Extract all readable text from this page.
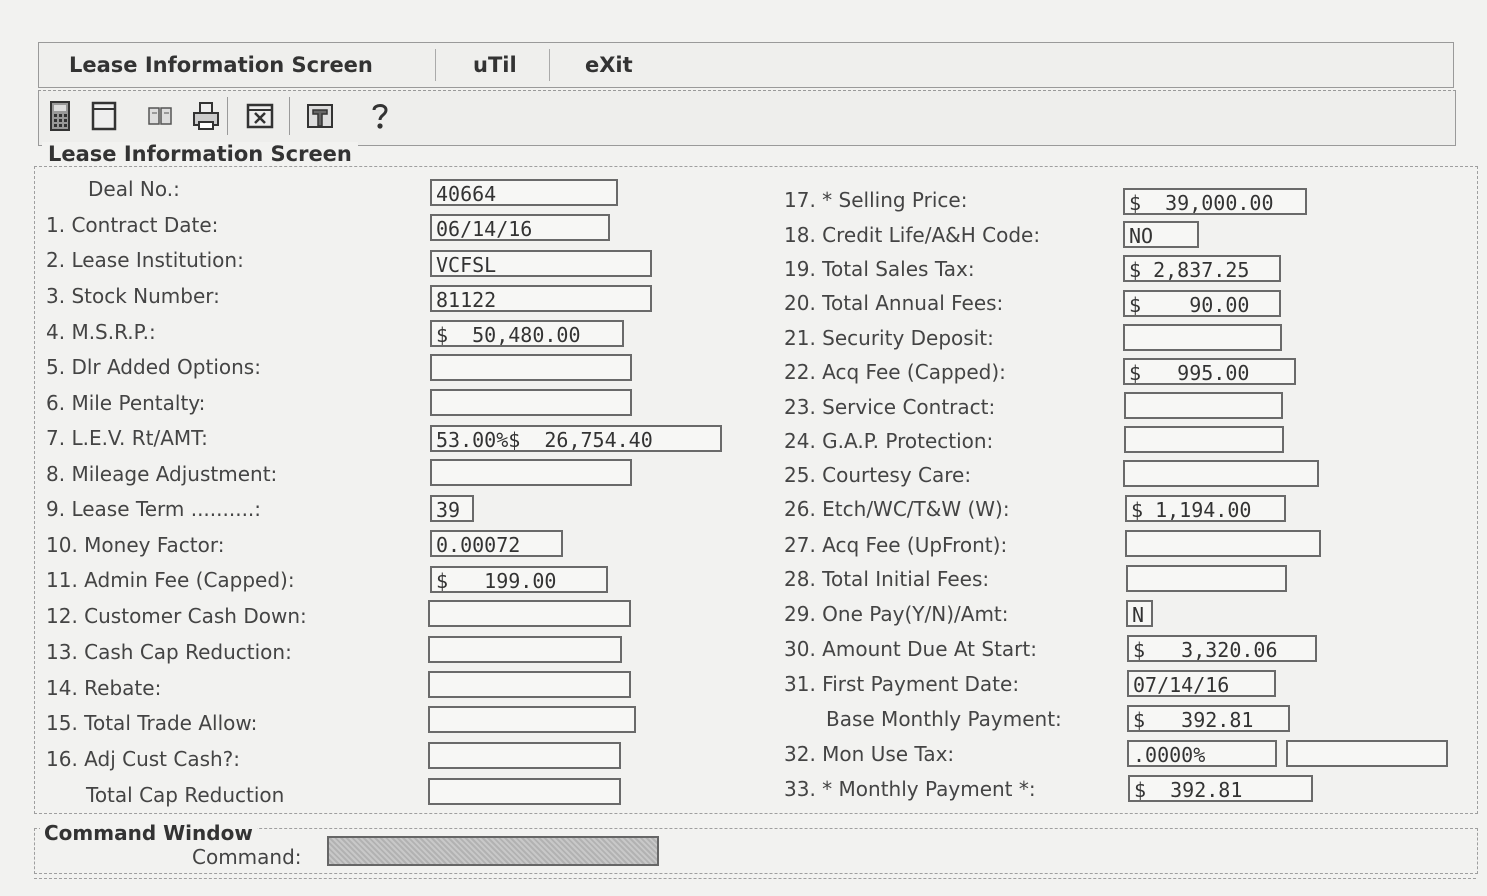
Lease Information Screen	uTil	eXit
Lease Information Screen
Deal No.:
1. Contract Date:
2. Lease Institution:
3. Stock Number:
4. M.S.R.P.:
5. Dlr Added Options:
6. Mile Pentalty:
7. L.E.V. Rt/AMT:
8. Mileage Adjustment:
9. Lease Term ..........:
10. Money Factor:
11. Admin Fee (Capped):
12. Customer Cash Down:
13. Cash Cap Reduction:
14. Rebate:
15. Total Trade Allow:
16. Adj Cust Cash?:
Total Cap Reduction
40664
06/14/16
VCFSL
81122
$  50,480.00
53.00%$  26,754.40
39
0.00072
$   199.00
17. * Selling Price:
18. Credit Life/A&H Code:
19. Total Sales Tax:
20. Total Annual Fees:
21. Security Deposit:
22. Acq Fee (Capped):
23. Service Contract:
24. G.A.P. Protection:
25. Courtesy Care:
26. Etch/WC/T&W (W):
27. Acq Fee (UpFront):
28. Total Initial Fees:
29. One Pay(Y/N)/Amt:
30. Amount Due At Start:
31. First Payment Date:
Base Monthly Payment:
32. Mon Use Tax:
33. * Monthly Payment *:
$  39,000.00
NO
$ 2,837.25
$    90.00
$   995.00
$ 1,194.00
N
$   3,320.06
07/14/16
$   392.81
.0000%
$  392.81
Command Window
Command:
